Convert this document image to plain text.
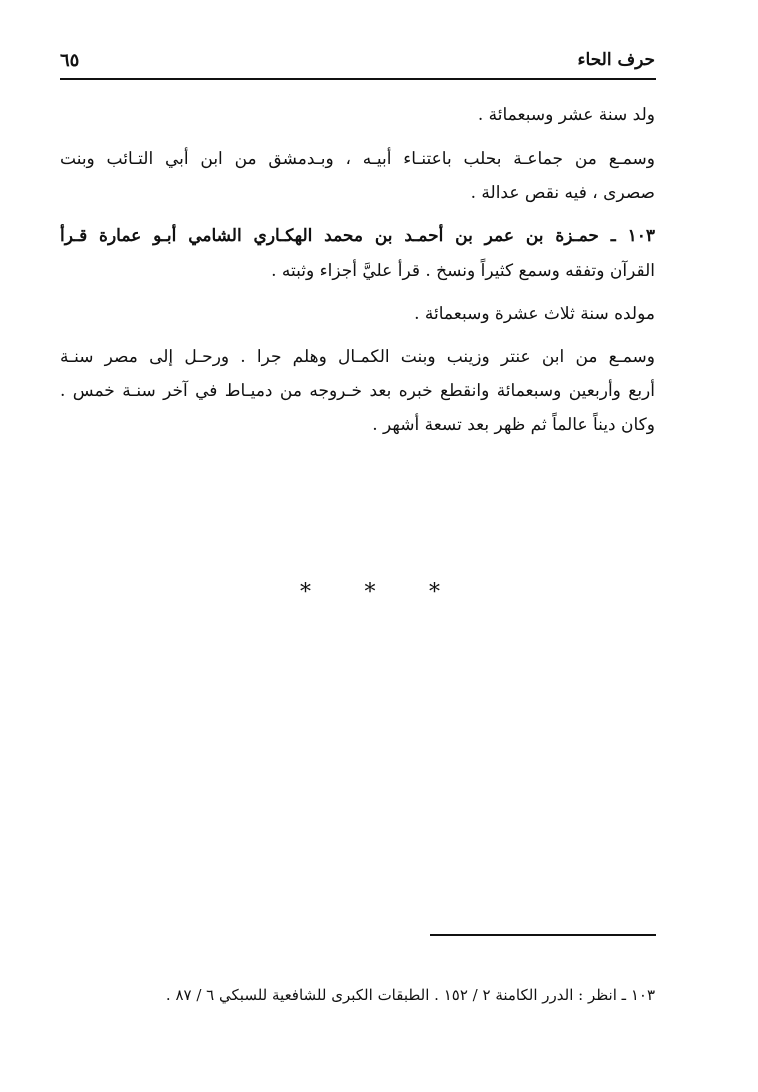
حرف الحاء
٦٥
ولد سنة عشر وسبعمائة .
وسمـع من جماعـة بحلب باعتنـاء أبيـه ، وبـدمشق من ابن أبي التـائب وبنت
صصرى ، فيه نقص عدالة .
١٠٣ ـ حمـزة بن عمر بن أحمـد بن محمد الهكـاري الشامي أبـو عمارة قـرأ
القرآن وتفقه وسمع كثيراً ونسخ . قرأ عليَّ أجزاء وثبته .
مولده سنة ثلاث عشرة وسبعمائة .
وسمـع من ابن عنتر وزينب وبنت الكمـال وهلم جرا . ورحـل إلى مصر سنـة
أربع وأربعين وسبعمائة وانقطع خبره بعد خـروجه من دميـاط في آخر سنـة خمس .
وكان ديناً عالماً ثم ظهر بعد تسعة أشهر .
* * *
١٠٣ ـ انظر : الدرر الكامنة ٢ / ١٥٢ . الطبقات الكبرى للشافعية للسبكي ٦ / ٨٧ .
